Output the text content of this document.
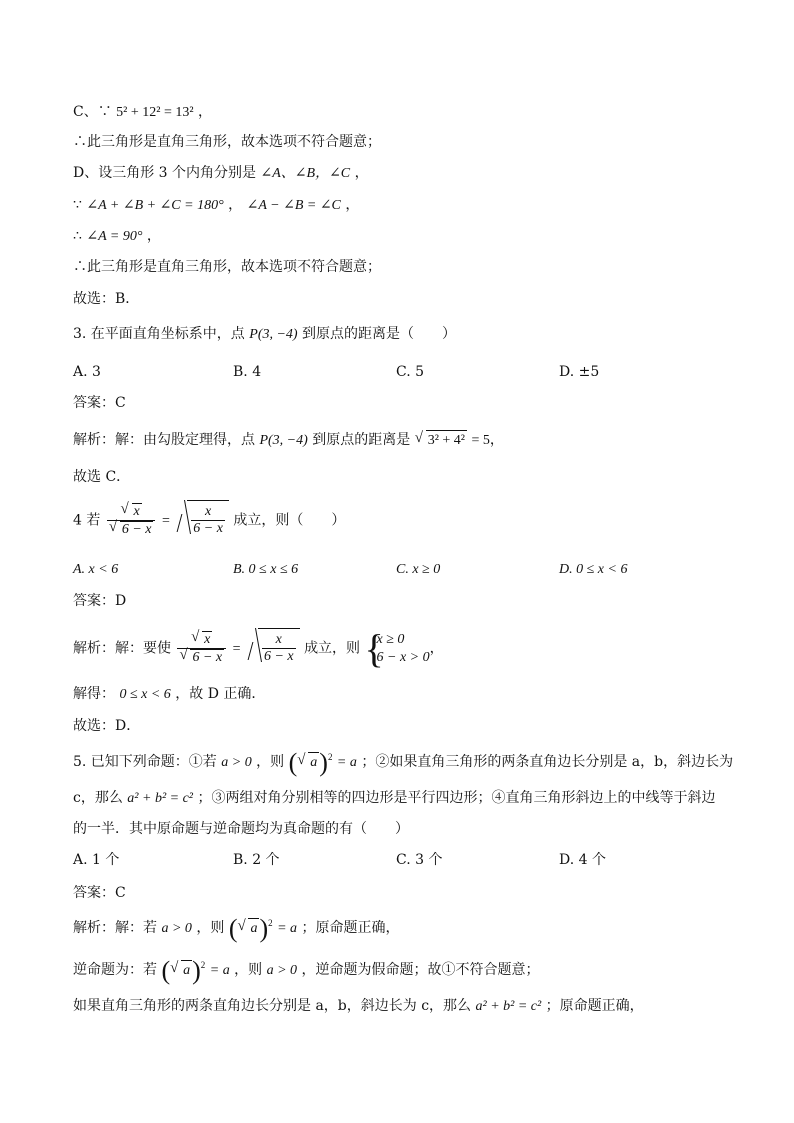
C、∵ 5² + 12² = 13² ，
∴此三角形是直角三角形，故本选项不符合题意；
D、设三角形 3 个内角分别是 ∠A、∠B，∠C ，
∵ ∠A + ∠B + ∠C = 180° ， ∠A − ∠B = ∠C ，
∴ ∠A = 90° ，
∴此三角形是直角三角形，故本选项不符合题意；
故选：B．
3. 在平面直角坐标系中，点 P(3, −4) 到原点的距离是（　　）
A. 3	B. 4	C. 5	D. ±5
答案：C
解析：解：由勾股定理得，点 P(3, −4) 到原点的距离是 √ 3² + 4² = 5，
故选 C．
4 若 √ x
√ $6 - x = \frac{x}{6 - x}$ 成立，则（　　）
A. x < 6	B. 0 ≤ x ≤ 6	C. x ≥ 0	D. 0 ≤ x < 6
答案：D
解析：解：要使 √ x
√ $6 - x = \frac{x}{6 - x}$ 成立，则
{ x ≥ 0
6 − x > 0
，
解得： 0 ≤ x < 6 ，故 D 正确．
故选：D．
5. 已知下列命题：①若 a > 0 ，则 ( √ a)$^2$ = a ；②如果直角三角形的两条直角边长分别是 a，b，斜边长为
c，那么 a² + b² = c² ；③两组对角分别相等的四边形是平行四边形；④直角三角形斜边上的中线等于斜边
的一半．其中原命题与逆命题均为真命题的有（　　）
A. 1 个	B. 2 个	C. 3 个	D. 4 个
答案：C
解析：解：若 a > 0 ，则 ( √ a)$^2$ = a ；原命题正确，
逆命题为：若 ( √ a)$^2$ = a ，则 a > 0 ，逆命题为假命题；故①不符合题意；
如果直角三角形的两条直角边长分别是 a，b，斜边长为 c，那么 a² + b² = c² ；原命题正确，
